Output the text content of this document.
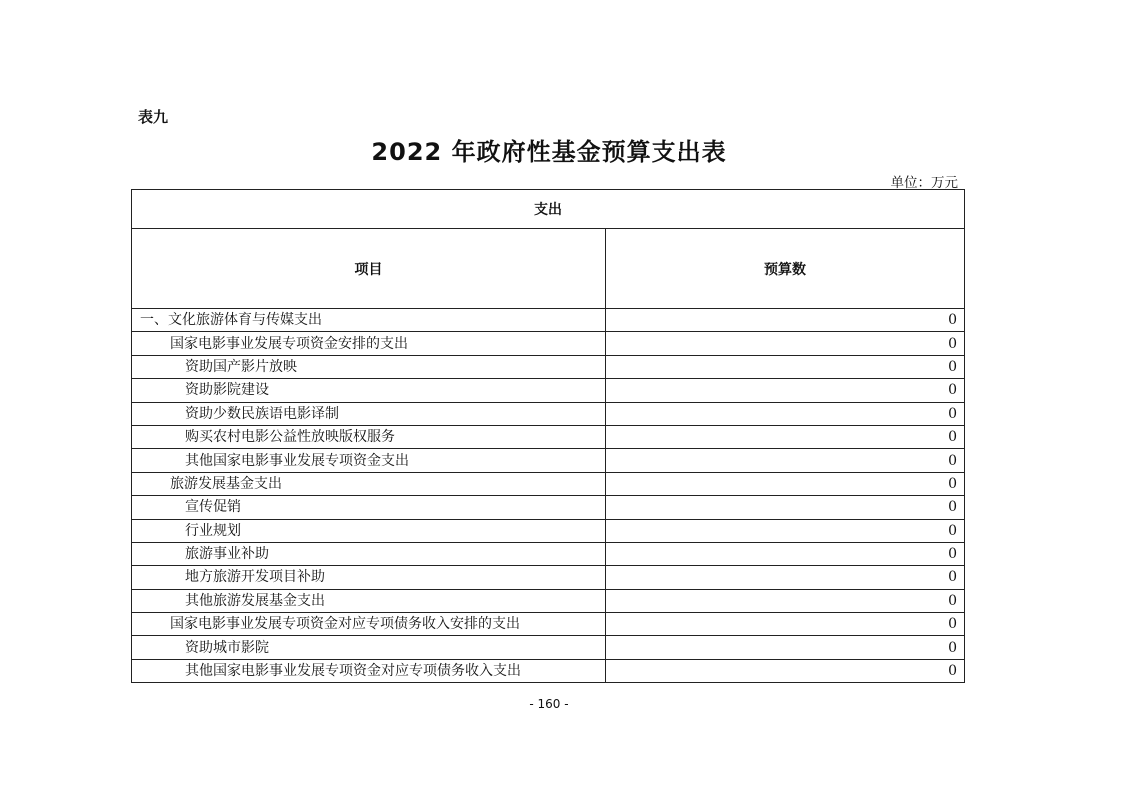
表九
2022 年政府性基金预算支出表
单位：万元
支出	
项目	预算数
一、文化旅游体育与传媒支出	0
国家电影事业发展专项资金安排的支出	0
资助国产影片放映	0
资助影院建设	0
资助少数民族语电影译制	0
购买农村电影公益性放映版权服务	0
其他国家电影事业发展专项资金支出	0
旅游发展基金支出	0
宣传促销	0
行业规划	0
旅游事业补助	0
地方旅游开发项目补助	0
其他旅游发展基金支出	0
国家电影事业发展专项资金对应专项债务收入安排的支出	0
资助城市影院	0
其他国家电影事业发展专项资金对应专项债务收入支出	0
- 160 -
